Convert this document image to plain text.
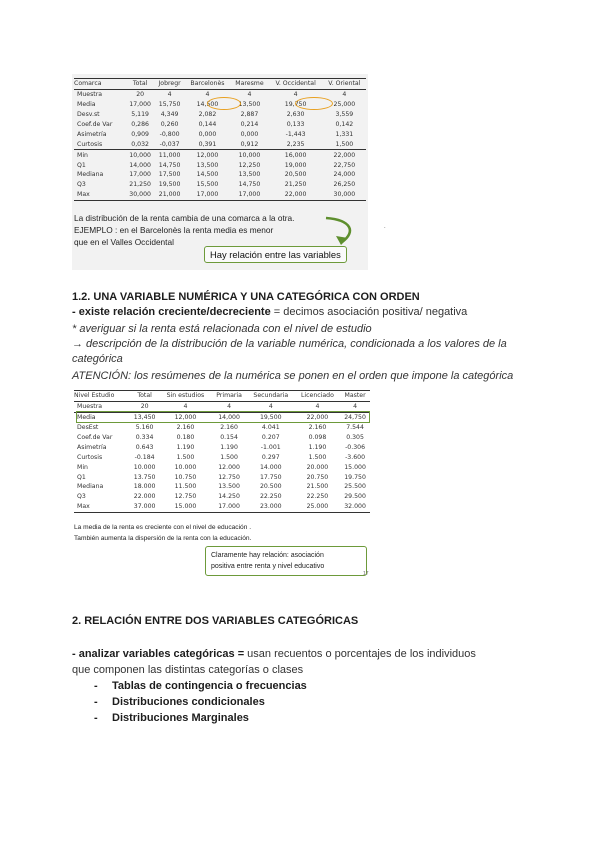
Comarca	Total	Jobregr	Barcelonès	Maresme	V. Occidental	V. Oriental
Muestra	20	4	4	4	4	4
Media	17,000	15,750	14,500	13,500	19,750	25,000
Desv.st	5,119	4,349	2,082	2,887	2,630	3,559
Coef.de Var	0,286	0,260	0,144	0,214	0,133	0,142
Asimetría	0,909	-0,800	0,000	0,000	-1,443	1,331
Curtosis	0,032	-0,037	0,391	0,912	2,235	1,500
Min	10,000	11,000	12,000	10,000	16,000	22,000
Q1	14,000	14,750	13,500	12,250	19,000	22,750
Mediana	17,000	17,500	14,500	13,500	20,500	24,000
Q3	21,250	19,500	15,500	14,750	21,250	26,250
Max	30,000	21,000	17,000	17,000	22,000	30,000
La distribución de la renta cambia de una comarca a la otra.
EJEMPLO : en el Barcelonès la renta media es menor
que en el Valles Occidental
.
Hay relación entre las variables
1.2. UNA VARIABLE NUMÉRICA Y UNA CATEGÓRICA CON ORDEN
- existe relación creciente/decreciente = decimos asociación positiva/ negativa
* averiguar si la renta está relacionada con el nivel de estudio
→ descripción de la distribución de la variable numérica, condicionada a los valores de la
categórica
ATENCIÓN: los resúmenes de la numérica se ponen en el orden que impone la categórica
Nivel Estudio	Total	Sin estudios	Primaria	Secundaria	Licenciado	Master
Muestra	20	4	4	4	4	4
Media	13,450	12,000	14,000	19,500	22,000	24,750
DesEst	5.160	2.160	2.160	4.041	2.160	7.544
Coef.de Var	0.334	0.180	0.154	0.207	0.098	0.305
Asimetría	0.643	1.190	1.190	-1.001	1.190	-0.306
Curtosis	-0.184	1.500	1.500	0.297	1.500	-3.600
Min	10.000	10.000	12.000	14.000	20.000	15.000
Q1	13.750	10.750	12.750	17.750	20.750	19.750
Mediana	18.000	11.500	13.500	20.500	21.500	25.500
Q3	22.000	12.750	14.250	22.250	22.250	29.500
Max	37.000	15.000	17.000	23.000	25.000	32.000
La media de la renta es creciente con el nivel de educación .
También aumenta la dispersión de la renta con la educación.
Claramente hay relación: asociación
positiva entre renta y nivel educativo
17
2. RELACIÓN ENTRE DOS VARIABLES CATEGÓRICAS
- analizar variables categóricas = usan recuentos o porcentajes de los individuos
que componen las distintas categorías o clases
- Tablas de contingencia o frecuencias
- Distribuciones condicionales
- Distribuciones Marginales
